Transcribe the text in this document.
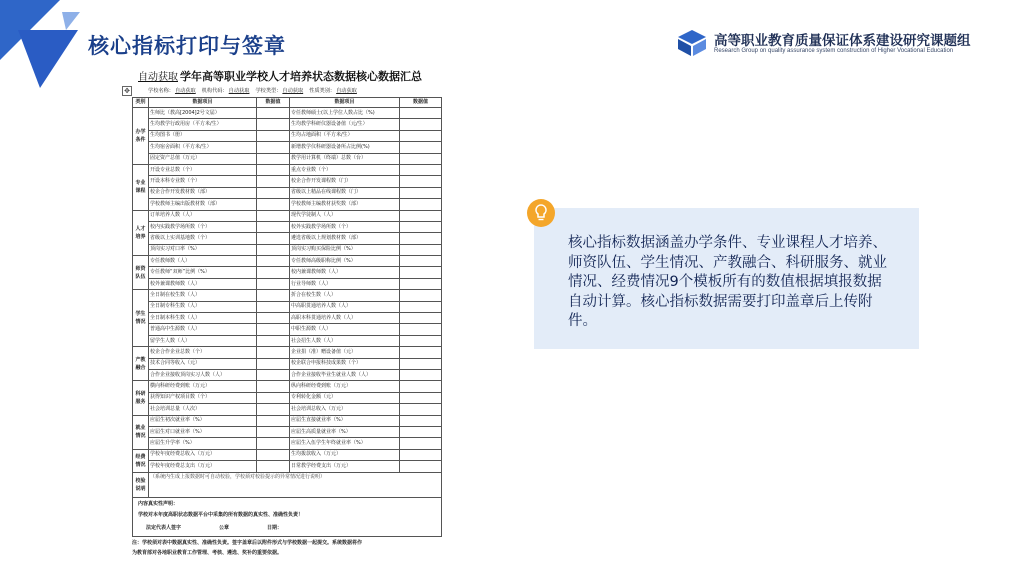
核心指标打印与签章	高等职业教育质量保证体系建设研究课题组
Research Group on quality assurance system construction of Higher Vocational Education
自动获取 学年高等职业学校人才培养状态数据核心数据汇总
✥	学校名称：自动获取 机构代码：自动获取 学校类型：自动获取 性质类别：自动获取
类别	数据项目	数据值	数据项目	数据值
办学条件	生师比（教高[2004]2号文届）		专任教师硕士(以上学位人数占比（%)	
	生均教学行政用房（平方米/生）		生均教学科研仪器设备值（元/生）	
	生均图书（册）		生均占地面积（平方米/生）	
	生均宿舍面积（平方米/生）		新增教学仪科研器设备所占比例(%)	
	固定资产总值（万元）		教学用计算机（终端）总数（台）	
专业课程	开设专业总数（个）		重点专业数（个）	
	开设本科专业数（个）		校企合作开发课程数（门）	
	校企合作开发教材数（部）		省级以上精品在线课程数（门）	
	学校教师主编出版教材数（部）		学校教师主编教材获奖数（部）	
人才培养	订单培养人数（人）		现代学徒制人（人）	
	校内实践教学场所数（个）		校外实践教学场所数（个）	
	省级以上实训基地数（个）		遴选省级以上规划教材数（部）	
	顶岗实习对口率（%）		顶岗实习购买保险比例（%）	
师资队伍	专任教师数（人）		专任教师高级职称比例（%）	
	专任教师“双师”比例（%）		校内兼课教师数（人）	
	校外兼课教师数（人）		行业导师数（人）	
学生情况	全日制在校生数（人）		折合在校生数（人）	
	全日制专科生数（人）		中高职贯通培养人数（人）	
	全日制本科生数（人）		高职本科贯通培养人数（人）	
	普通高中生源数（人）		中职生源数（人）	
	留学生人数（人）		社会招生人数（人）	
产教融合	校企合作企业总数（个）		企业捐（准）赠设备值（元）	
	技术合同等收入（元）		校企联合申报科技成果数（个）	
	合作企业接收顶岗实习人数（人）		合作企业接收毕业生就业人数（人）	
科研服务	横向科研经费到账（万元）		纵向科研经费到账（万元）	
	获得知识产权项目数（个）		专利转化金额（元）	
	社会培训总量（人次）		社会培训总收入（万元）	
就业情况	应届生初次就业率（%）		应届生直接就业率（%）	
	应届生对口就业率（%）		应届生高质量就业率（%）	
	应届生升学率（%）		应届生入伍学生年终就业率（%）	
经费情况	学校年度经费总收入（万元）		生均拨款收入（万元）	
	学校年度经费总支出（万元）		日常教学经费支出（万元）	
校验说明	（系统内生成上报数据时可自动校验，学校须对校验提示的异常情况进行说明）			

内容真实性声明：
学校对本年度高职状态数据平台中采集的所有数据的真实性、准确性负责！
法定代表人签字 公章 日期：				
注：学校须对表中数据真实性、准确性负责。签字盖章后以附件形式与学校数据一起提交。系统数据将作
为教育部对各地职业教育工作管理、考核、遴选、奖补的重要依据。
核心指标数据涵盖办学条件、专业课程人才培养、师资队伍、学生情况、产教融合、科研服务、就业情况、经费情况9个模板所有的数值根据填报数据自动计算。核心指标数据需要打印盖章后上传附件。
